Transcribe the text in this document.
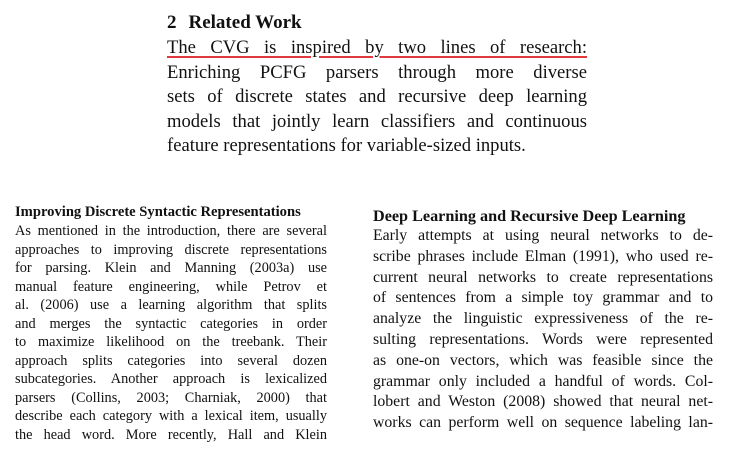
2 Related Work

The CVG is inspired by two lines of research:
Enriching PCFG parsers through more diverse
sets of discrete states and recursive deep learning
models that jointly learn classifiers and continuous
feature representations for variable-sized inputs.

Improving Discrete Syntactic Representations

As mentioned in the introduction, there are several
approaches to improving discrete representations
for parsing. Klein and Manning (2003a) use
manual feature engineering, while Petrov et
al. (2006) use a learning algorithm that splits
and merges the syntactic categories in order
to maximize likelihood on the treebank. Their
approach splits categories into several dozen
subcategories. Another approach is lexicalized
parsers (Collins, 2003; Charniak, 2000) that
describe each category with a lexical item, usually
the head word. More recently, Hall and Klein

Deep Learning and Recursive Deep Learning

Early attempts at using neural networks to de-
scribe phrases include Elman (1991), who used re-
current neural networks to create representations
of sentences from a simple toy grammar and to
analyze the linguistic expressiveness of the re-
sulting representations. Words were represented
as one-on vectors, which was feasible since the
grammar only included a handful of words. Col-
lobert and Weston (2008) showed that neural net-
works can perform well on sequence labeling lan-
